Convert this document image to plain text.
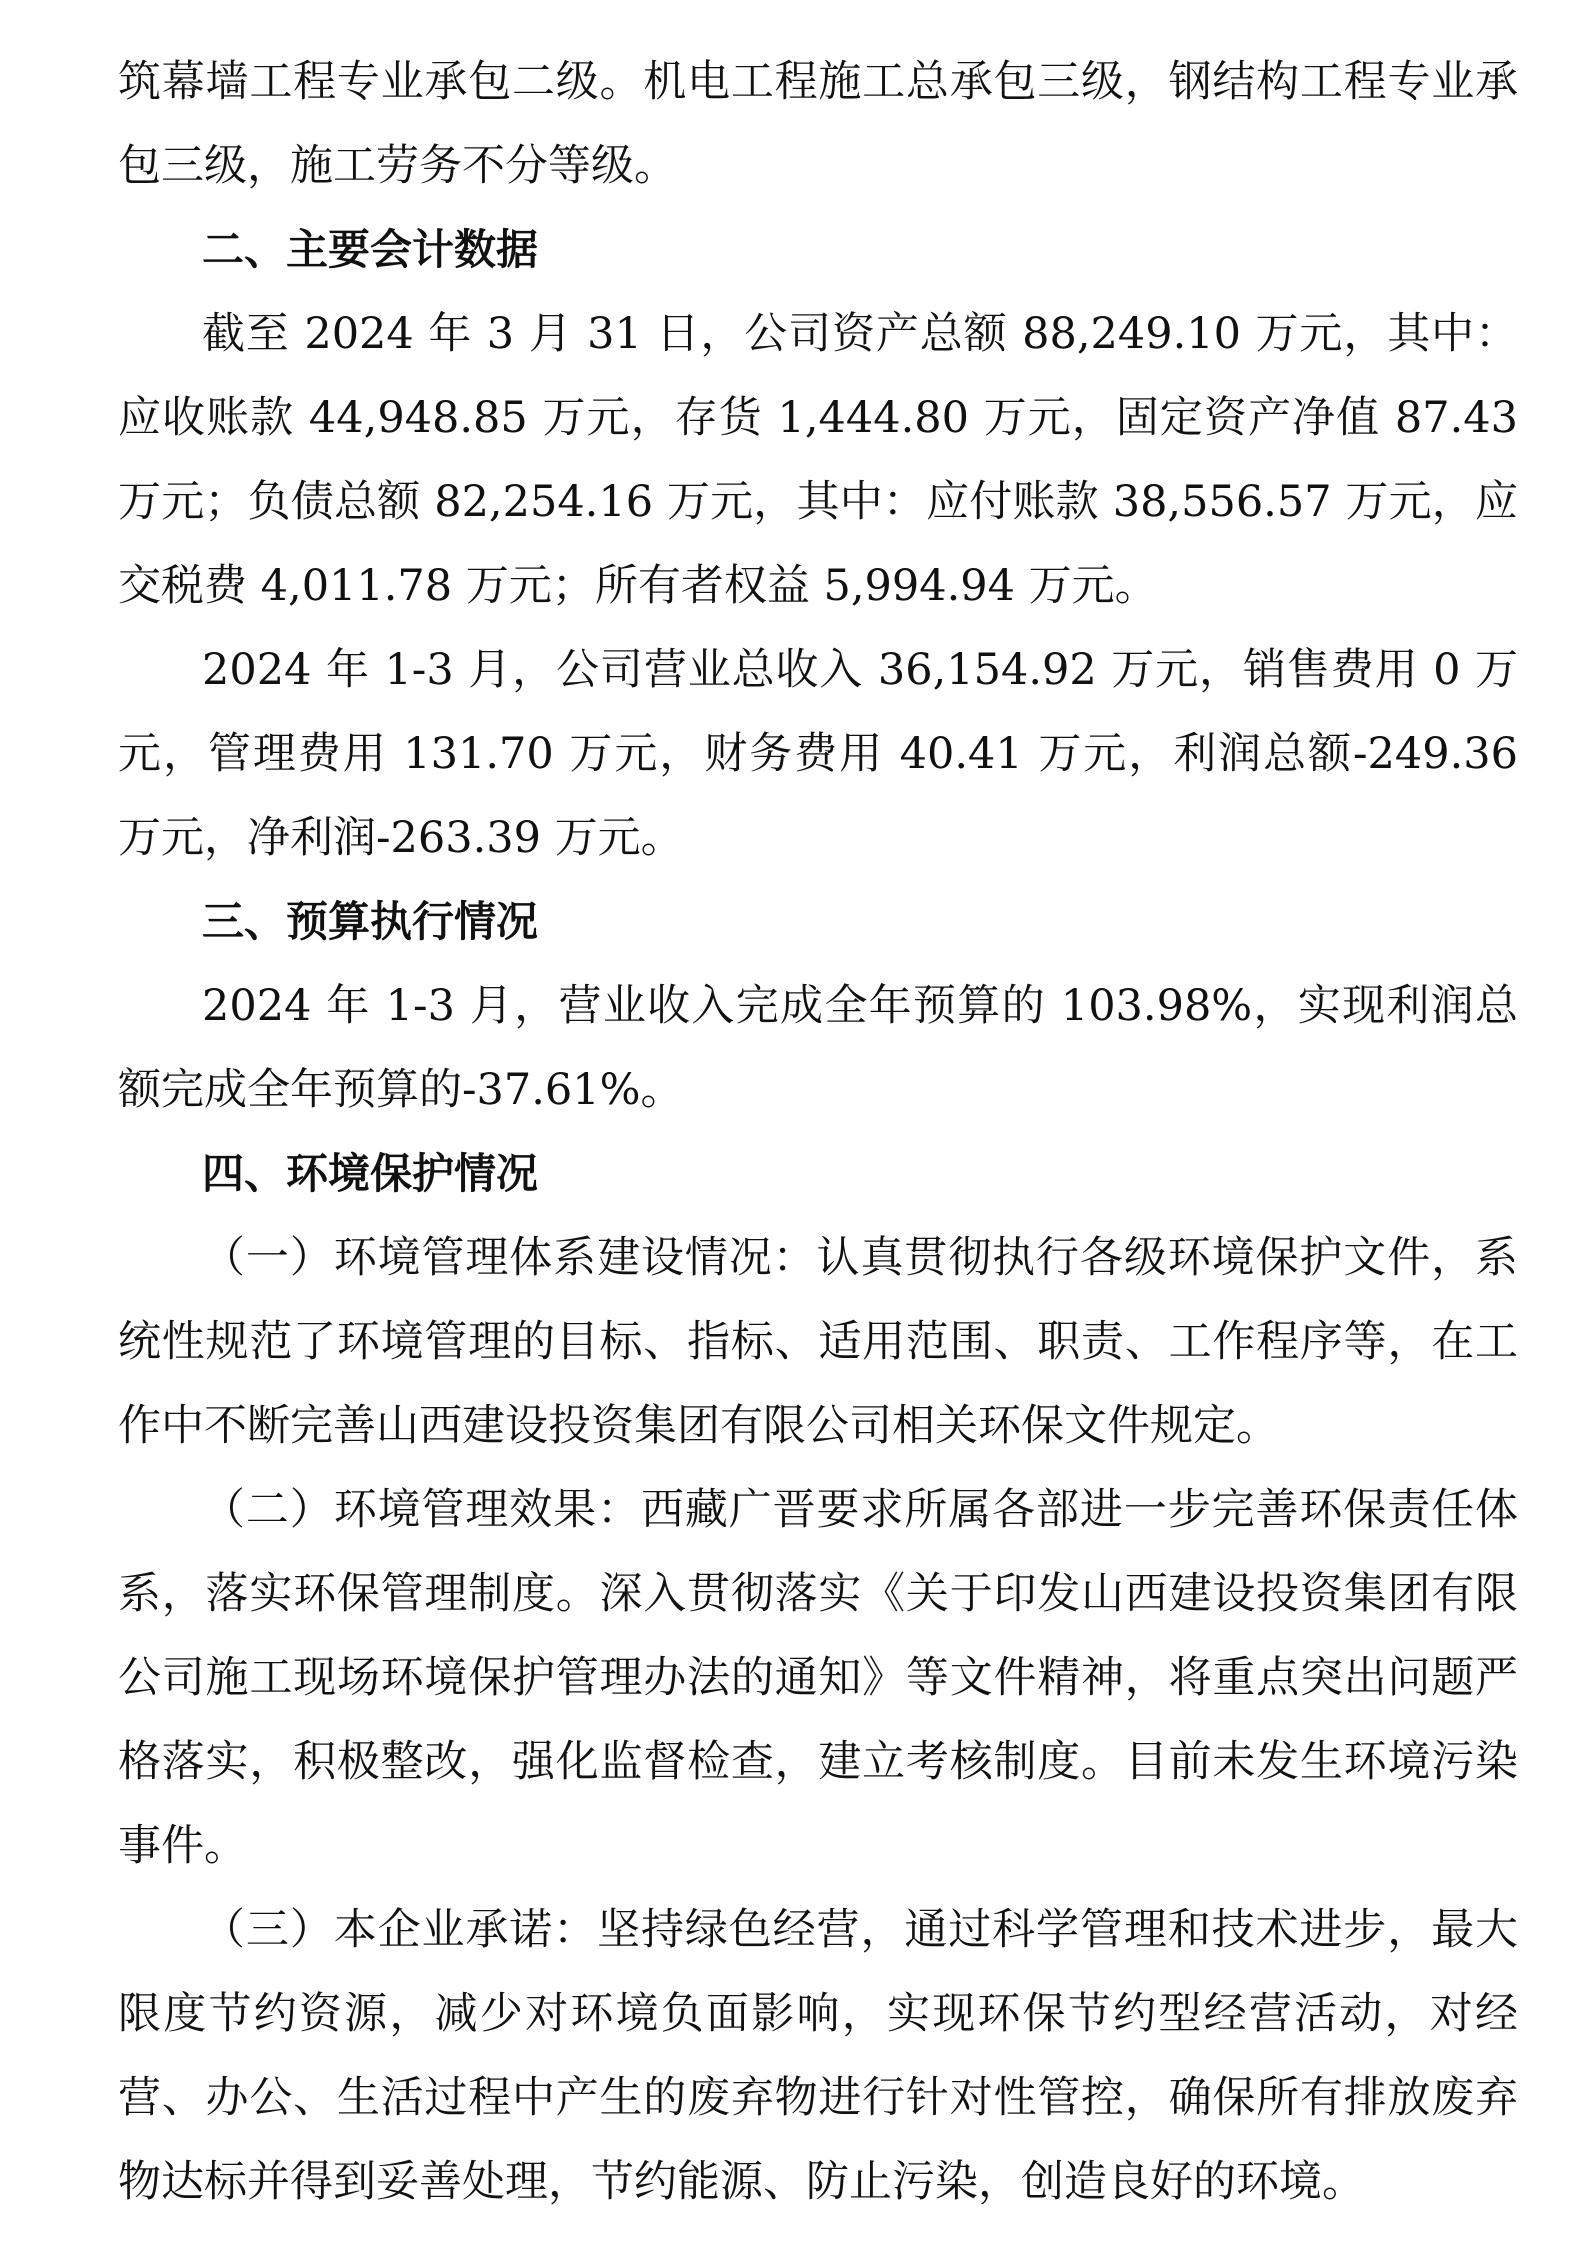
筑幕墙工程专业承包二级。机电工程施工总承包三级，钢结构工程专业承包三级，施工劳务不分等级。

二、主要会计数据

截至 2024 年 3 月 31 日，公司资产总额 88,249.10 万元，其中：应收账款 44,948.85 万元，存货 1,444.80 万元，固定资产净值 87.43 万元；负债总额 82,254.16 万元，其中：应付账款 38,556.57 万元，应交税费 4,011.78 万元；所有者权益 5,994.94 万元。

2024 年 1-3 月，公司营业总收入 36,154.92 万元，销售费用 0 万元，管理费用 131.70 万元，财务费用 40.41 万元，利润总额-249.36 万元，净利润-263.39 万元。

三、预算执行情况

2024 年 1-3 月，营业收入完成全年预算的 103.98%，实现利润总额完成全年预算的-37.61%。

四、环境保护情况

（一）环境管理体系建设情况：认真贯彻执行各级环境保护文件，系统性规范了环境管理的目标、指标、适用范围、职责、工作程序等，在工作中不断完善山西建设投资集团有限公司相关环保文件规定。

（二）环境管理效果：西藏广晋要求所属各部进一步完善环保责任体系，落实环保管理制度。深入贯彻落实《关于印发山西建设投资集团有限公司施工现场环境保护管理办法的通知》等文件精神，将重点突出问题严格落实，积极整改，强化监督检查，建立考核制度。目前未发生环境污染事件。

（三）本企业承诺：坚持绿色经营，通过科学管理和技术进步，最大限度节约资源，减少对环境负面影响，实现环保节约型经营活动，对经营、办公、生活过程中产生的废弃物进行针对性管控，确保所有排放废弃物达标并得到妥善处理，节约能源、防止污染，创造良好的环境。
